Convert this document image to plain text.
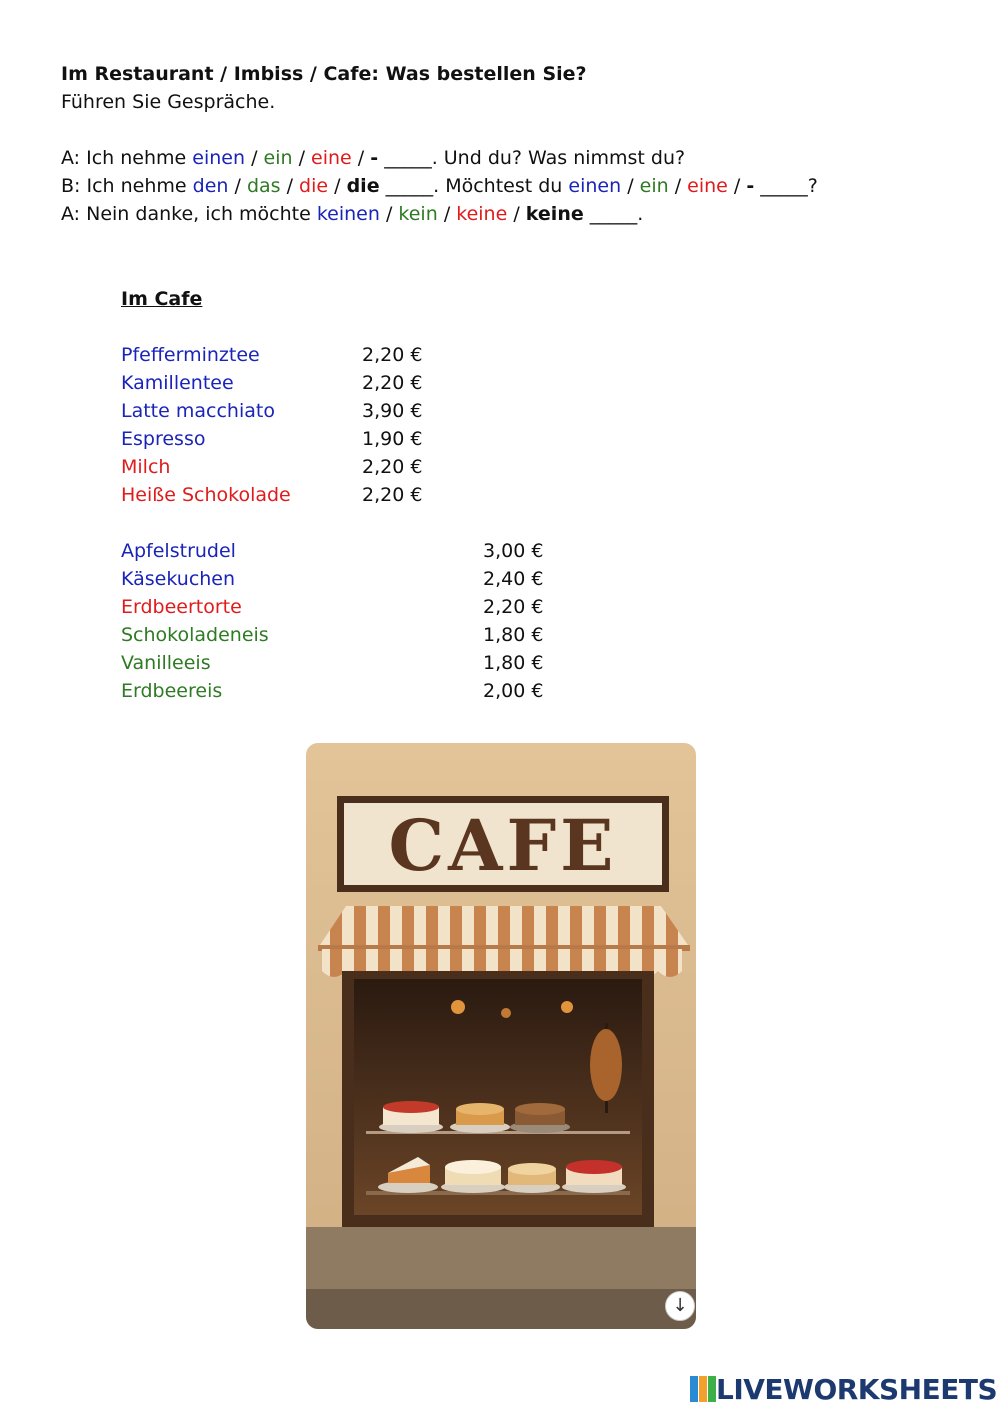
Im Restaurant / Imbiss / Cafe: Was bestellen Sie?
Führen Sie Gespräche.
A: Ich nehme einen / ein / eine / - _____. Und du? Was nimmst du?
B: Ich nehme den / das / die / die _____. Möchtest du einen / ein / eine / - _____?
A: Nein danke, ich möchte keinen / kein / keine / keine _____.
Im Cafe
Pfefferminztee	2,20 €
Kamillentee	2,20 €
Latte macchiato	3,90 €
Espresso	1,90 €
Milch	2,20 €
Heiße Schokolade	2,20 €
Apfelstrudel	3,00 €
Käsekuchen	2,40 €
Erdbeertorte	2,20 €
Schokoladeneis	1,80 €
Vanilleeis	1,80 €
Erdbeereis	2,00 €
CAFE
↓
LIVEWORKSHEETS
